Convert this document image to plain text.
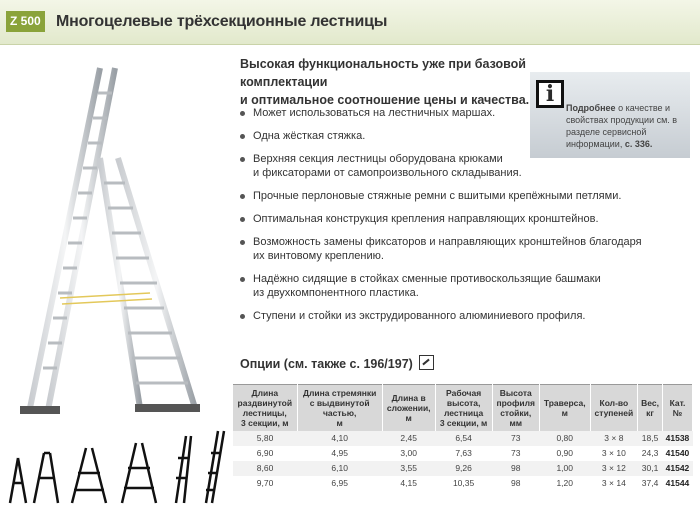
Z 500 Многоцелевые трёхсекционные лестницы
Высокая функциональность уже при базовой комплектации
и оптимальное соотношение цены и качества. i
Подробнее о качестве и свойствах продукции см. в разделе сервисной информации, с. 336.
Может использоваться на лестничных маршах.
Одна жёсткая стяжка.
Верхняя секция лестницы оборудована крюками
и фиксаторами от самопроизвольного складывания.
Прочные перлоновые стяжные ремни с вшитыми крепёжными петлями.
Оптимальная конструкция крепления направляющих кронштейнов.
Возможность замены фиксаторов и направляющих кронштейнов благодаря
их винтовому креплению.
Надёжно сидящие в стойках сменные противоскользящие башмаки
из двухкомпонентного пластика.
Ступени и стойки из экструдированного алюминиевого профиля.
Опции (см. также с. 196/197)
Длина
раздвинутой
лестницы,
3 секции, м	Длина стремянки
с выдвинутой
частью,
м	Длина в
сложении,
м	Рабочая
высота,
лестница
3 секции, м	Высота
профиля
стойки,
мм	Траверса,
м	Кол-во
ступеней	Вес,
кг	Кат.
№
5,80	4,10	2,45	6,54	73	0,80	3 × 8	18,5	41538
6,90	4,95	3,00	7,63	73	0,90	3 × 10	24,3	41540
8,60	6,10	3,55	9,26	98	1,00	3 × 12	30,1	41542
9,70	6,95	4,15	10,35	98	1,20	3 × 14	37,4	41544
